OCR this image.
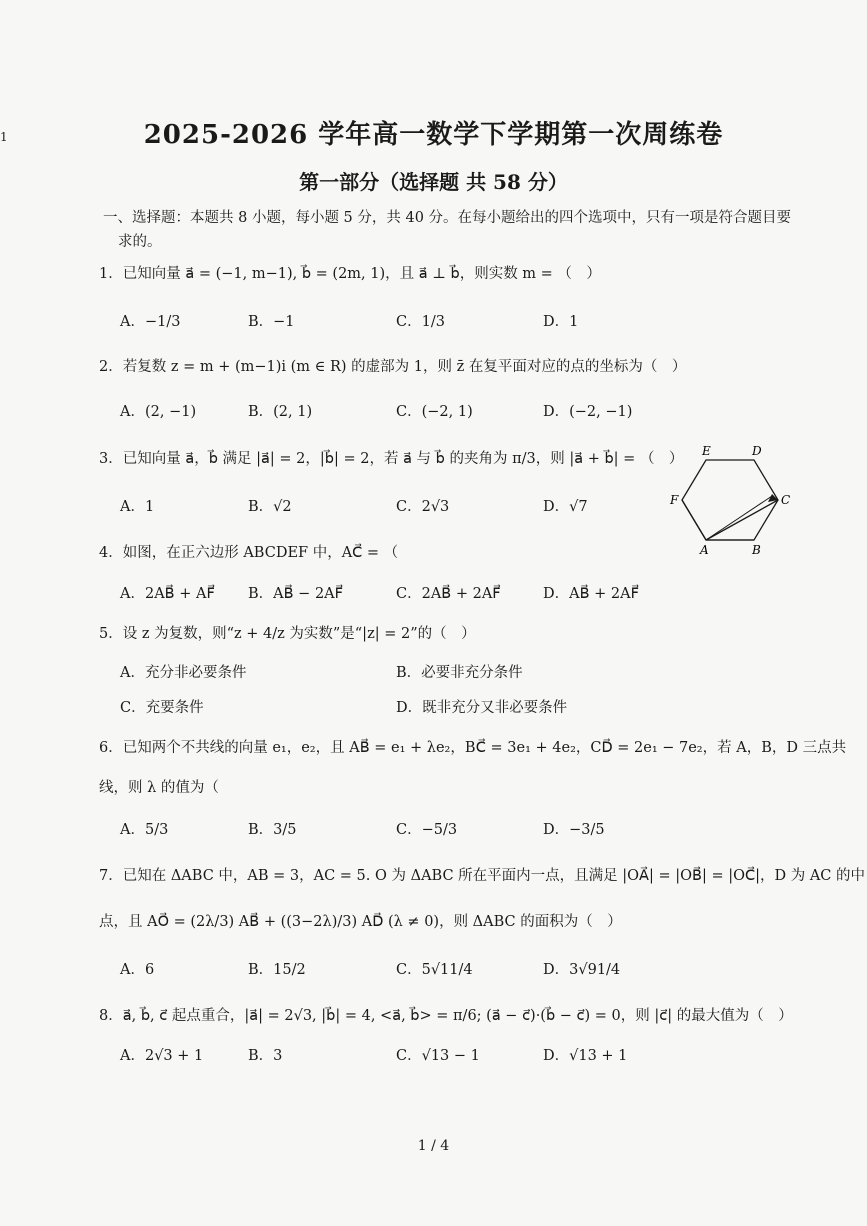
1	2025-2026 学年高一数学下学期第一次周练卷
第一部分（选择题 共 58 分）
一、选择题：本题共 8 小题，每小题 5 分，共 40 分。在每小题给出的四个选项中，只有一项是符合题目要
求的。
1．已知向量 a⃗ = (−1, m−1), b⃗ = (2m, 1)，且 a⃗ ⊥ b⃗，则实数 m = （　）
A．−1/3	B．−1	C．1/3	D．1
2．若复数 z = m + (m−1)i (m ∈ R) 的虚部为 1，则 z̄ 在复平面对应的点的坐标为（　）
A．(2, −1)	B．(2, 1)	C．(−2, 1)	D．(−2, −1)
3．已知向量 a⃗，b⃗ 满足 |a⃗| = 2，|b⃗| = 2，若 a⃗ 与 b⃗ 的夹角为 π/3，则 |a⃗ + b⃗| = （　）
A．1	B．√2	C．2√3	D．√7
4．如图，在正六边形 ABCDEF 中，AC⃗ = （
A．2AB⃗ + AF⃗ B．AB⃗ − 2AF⃗	C．2AB⃗ + 2AF⃗	D．AB⃗ + 2AF⃗
5．设 z 为复数，则“z + 4/z 为实数”是“|z| = 2”的（　）
A．充分非必要条件	B．必要非充分条件
C．充要条件	D．既非充分又非必要条件
6．已知两个不共线的向量 e₁，e₂，且 AB⃗ = e₁ + λe₂，BC⃗ = 3e₁ + 4e₂，CD⃗ = 2e₁ − 7e₂，若 A，B，D 三点共
线，则 λ 的值为（
A．5/3	B．3/5	C．−5/3	D．−3/5
7．已知在 ΔABC 中，AB = 3，AC = 5. O 为 ΔABC 所在平面内一点，且满足 |OA⃗| = |OB⃗| = |OC⃗|，D 为 AC 的中
点，且 AO⃗ = (2λ/3) AB⃗ + ((3−2λ)/3) AD⃗ (λ ≠ 0)，则 ΔABC 的面积为（　）
A．6	B．15/2	C．5√11/4	D．3√91/4
8．a⃗, b⃗, c⃗ 起点重合，|a⃗| = 2√3, |b⃗| = 4, <a⃗, b⃗> = π/6; (a⃗ − c⃗)·(b⃗ − c⃗) = 0，则 |c⃗| 的最大值为（　）
A．2√3 + 1	B．3	C．√13 − 1	D．√13 + 1
E	D
F	C
A	B
1 / 4
